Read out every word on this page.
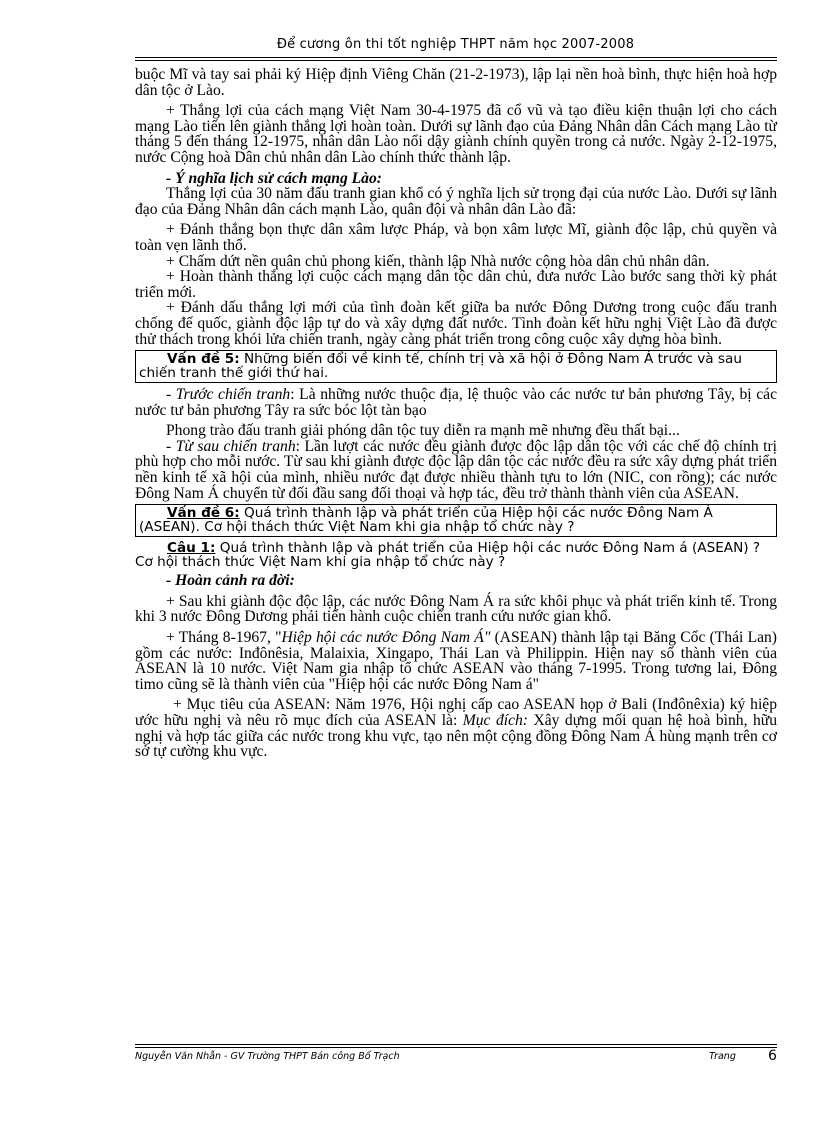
Để cương ôn thi tốt nghiệp THPT năm học 2007-2008

buộc Mĩ và tay sai phải ký Hiệp định Viêng Chăn (21-2-1973), lập lại nền hoà bình, thực hiện hoà hợp dân tộc ở Lào.

+ Thắng lợi của cách mạng Việt Nam 30-4-1975 đã cổ vũ và tạo điều kiện thuận lợi cho cách mạng Lào tiến lên giành thắng lợi hoàn toàn. Dưới sự lãnh đạo của Đảng Nhân dân Cách mạng Lào từ tháng 5 đến tháng 12-1975, nhân dân Lào nổi dậy giành chính quyền trong cả nước. Ngày 2-12-1975, nước Cộng hoà Dân chủ nhân dân Lào chính thức thành lập.

- Ý nghĩa lịch sử cách mạng Lào:

Thắng lợi của 30 năm đấu tranh gian khổ có ý nghĩa lịch sử trọng đại của nước Lào. Dưới sự lãnh đạo của Đảng Nhân dân cách mạnh Lào, quân đội và nhân dân Lào đã:

+ Đánh thắng bọn thực dân xâm lược Pháp, và bọn xâm lược Mĩ, giành độc lập, chủ quyền và toàn vẹn lãnh thổ.

+ Chấm dứt nền quân chủ phong kiến, thành lập Nhà nước cộng hòa dân chủ nhân dân.

+ Hoàn thành thắng lợi cuộc cách mạng dân tộc dân chủ, đưa nước Lào bước sang thời kỳ phát triển mới.

+ Đánh dấu thắng lợi mới của tình đoàn kết giữa ba nước Đông Dương trong cuộc đấu tranh chống đế quốc, giành độc lập tự do và xây dựng đất nước. Tình đoàn kết hữu nghị Việt Lào đã được thử thách trong khói lửa chiến tranh, ngày càng phát triển trong công cuộc xây dựng hòa bình.

Vấn đề 5: Những biến đổi về kinh tế, chính trị và xã hội ở Đông Nam Á trước và sau chiến tranh thế giới thứ hai.

- Trước chiến tranh: Là những nước thuộc địa, lệ thuộc vào các nước tư bản phương Tây, bị các nước tư bản phương Tây ra sức bóc lột tàn bạo

Phong trào đấu tranh giải phóng dân tộc tuy diễn ra mạnh mẽ nhưng đều thất bại...

- Từ sau chiến tranh: Lần lượt các nước đều giành được độc lập dân tộc với các chế độ chính trị phù hợp cho mỗi nước. Từ sau khi giành được độc lập dân tộc các nước đều ra sức xây dựng phát triển nền kinh tế xã hội của mình, nhiều nước đạt được nhiều thành tựu to lớn (NIC, con rồng); các nước Đông Nam Á chuyển từ đối đầu sang đối thoại và hợp tác, đều trở thành thành viên của ASEAN.

Vấn đề 6: Quá trình thành lập và phát triển của Hiệp hội các nước Đông Nam Á (ASEAN). Cơ hội thách thức Việt Nam khi gia nhập tổ chức này ?
Câu 1: Quá trình thành lập và phát triển của Hiệp hội các nước Đông Nam á (ASEAN) ?Cơ hội thách thức Việt Nam khi gia nhập tổ chức này ?

- Hoàn cảnh ra đời:

+ Sau khi giành độc độc lập, các nước Đông Nam Á ra sức khôi phục và phát triển kinh tế. Trong khi 3 nước Đông Dương phải tiến hành cuộc chiến tranh cứu nước gian khổ.

+ Tháng 8-1967, "Hiệp hội các nước Đông Nam Á" (ASEAN) thành lập tại Băng Cốc (Thái Lan) gồm các nước: Inđônêsia, Malaixia, Xingapo, Thái Lan và Philippin. Hiện nay số thành viên của ASEAN là 10 nước. Việt Nam gia nhập tổ chức ASEAN vào tháng 7-1995. Trong tương lai, Đông timo cũng sẽ là thành viên của "Hiệp hội các nước Đông Nam á"

+ Mục tiêu của ASEAN: Năm 1976, Hội nghị cấp cao ASEAN họp ở Bali (Inđônêxia) ký hiệp ước hữu nghị và nêu rõ mục đích của ASEAN là: Mục đích: Xây dựng mối quan hệ hoà bình, hữu nghị và hợp tác giữa các nước trong khu vực, tạo nên một cộng đồng Đông Nam Á hùng mạnh trên cơ sở tự cường khu vực.

Nguyễn Văn Nhẫn - GV Trường THPT Bán công Bố Trạch	Trang 6
